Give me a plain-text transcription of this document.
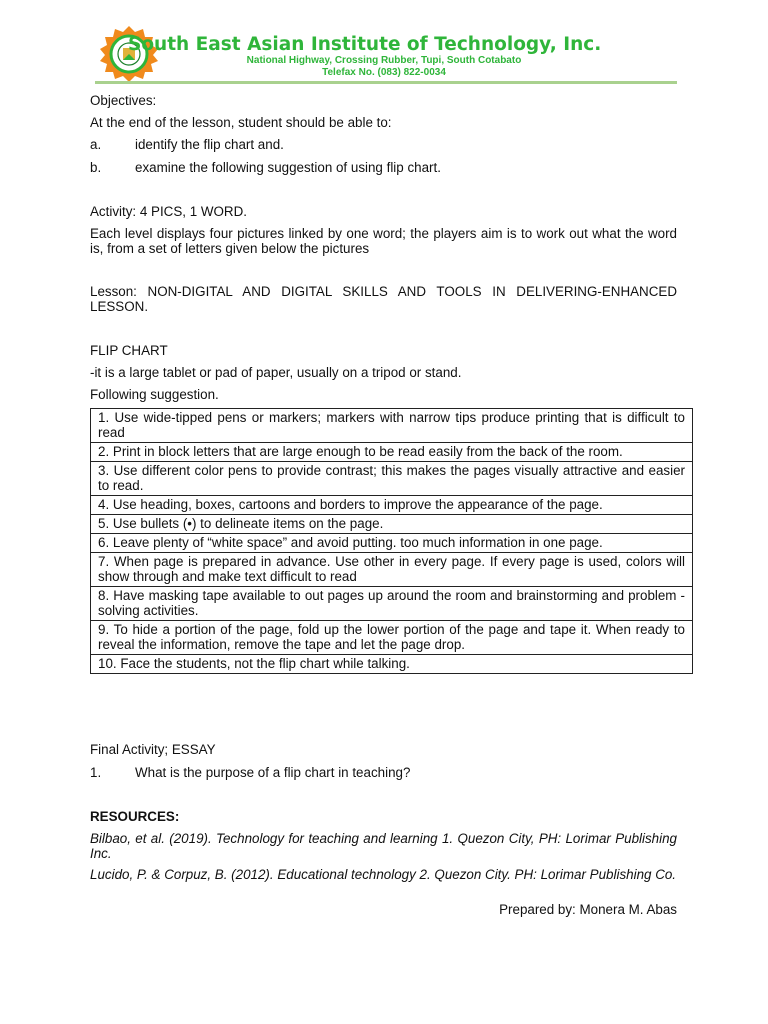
South East Asian Institute of Technology, Inc.
National Highway, Crossing Rubber, Tupi, South Cotabato
Telefax No. (083) 822-0034
Objectives:
At the end of the lesson, student should be able to:
a.	identify the flip chart and.
b.	examine the following suggestion of using flip chart.
Activity: 4 PICS, 1 WORD.
Each level displays four pictures linked by one word; the players aim is to work out what the word is, from a set of letters given below the pictures
Lesson: NON-DIGITAL AND DIGITAL SKILLS AND TOOLS IN DELIVERING-ENHANCED LESSON.
FLIP CHART
-it is a large tablet or pad of paper, usually on a tripod or stand.
Following suggestion.
1. Use wide-tipped pens or markers; markers with narrow tips produce printing that is difficult to read
2. Print in block letters that are large enough to be read easily from the back of the room.
3. Use different color pens to provide contrast; this makes the pages visually attractive and easier to read.
4. Use heading, boxes, cartoons and borders to improve the appearance of the page.
5. Use bullets (•) to delineate items on the page.
6. Leave plenty of “white space” and avoid putting. too much information in one page.
7. When page is prepared in advance. Use other in every page. If every page is used, colors will show through and make text difficult to read
8. Have masking tape available to out pages up around the room and brainstorming and problem - solving activities.
9. To hide a portion of the page, fold up the lower portion of the page and tape it. When ready to reveal the information, remove the tape and let the page drop.
10. Face the students, not the flip chart while talking.
Final Activity; ESSAY
1.	What is the purpose of a flip chart in teaching?
RESOURCES:
Bilbao, et al. (2019). Technology for teaching and learning 1. Quezon City, PH: Lorimar Publishing Inc.
Lucido, P. & Corpuz, B. (2012). Educational technology 2. Quezon City. PH: Lorimar Publishing Co.
Prepared by: Monera M. Abas
